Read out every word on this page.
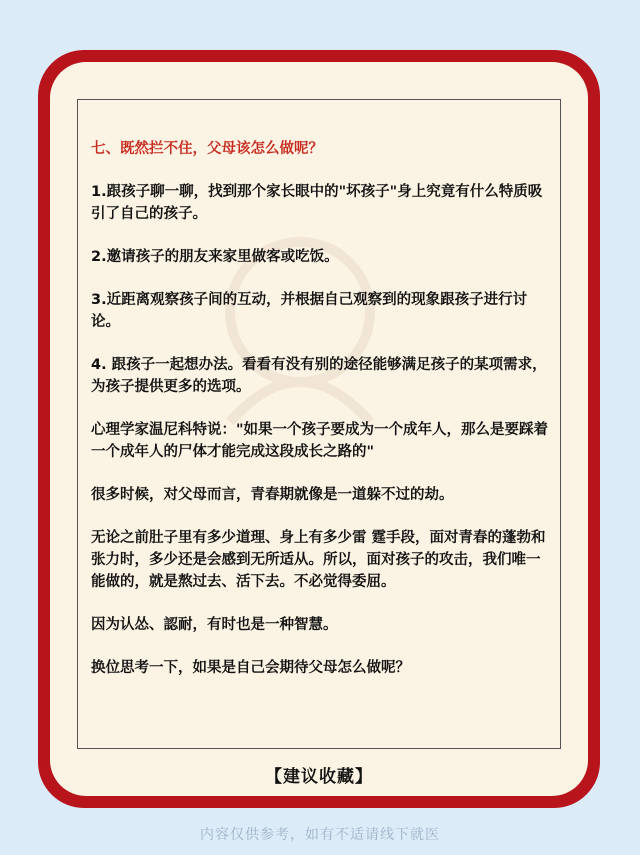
七、既然拦不住，父母该怎么做呢？

1.跟孩子聊一聊，找到那个家长眼中的"坏孩子"身上究竟有什么特质吸引了自己的孩子。

2.邀请孩子的朋友来家里做客或吃饭。

3.近距离观察孩子间的互动，并根据自己观察到的现象跟孩子进行讨论。

4. 跟孩子一起想办法。看看有没有别的途径能够满足孩子的某项需求，为孩子提供更多的选项。

心理学家温尼科特说："如果一个孩子要成为一个成年人，那么是要踩着一个成年人的尸体才能完成这段成长之路的"

很多时候，对父母而言，青春期就像是一道躲不过的劫。

无论之前肚子里有多少道理、身上有多少雷 霆手段，面对青春的蓬勃和张力时，多少还是会感到无所适从。所以，面对孩子的攻击，我们唯一能做的，就是熬过去、活下去。不必觉得委屈。

因为认怂、認耐，有时也是一种智慧。

换位思考一下，如果是自己会期待父母怎么做呢？

【建议收藏】
内容仅供参考，如有不适请线下就医
